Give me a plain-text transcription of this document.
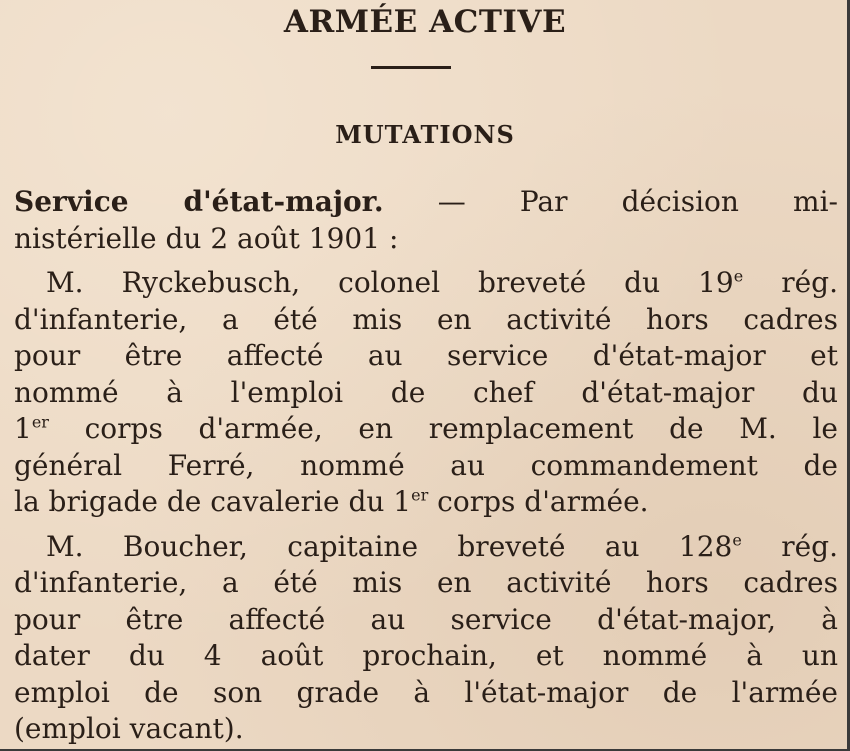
ARMÉE ACTIVE
MUTATIONS
Service d'état-major. — Par décision mi-
nistérielle du 2 août 1901 :
M. Ryckebusch, colonel breveté du 19e rég.
d'infanterie, a été mis en activité hors cadres
pour être affecté au service d'état-major et
nommé à l'emploi de chef d'état-major du
1er corps d'armée, en remplacement de M. le
général Ferré, nommé au commandement de
la brigade de cavalerie du 1er corps d'armée.
M. Boucher, capitaine breveté au 128e rég.
d'infanterie, a été mis en activité hors cadres
pour être affecté au service d'état-major, à
dater du 4 août prochain, et nommé à un
emploi de son grade à l'état-major de l'armée
(emploi vacant).
